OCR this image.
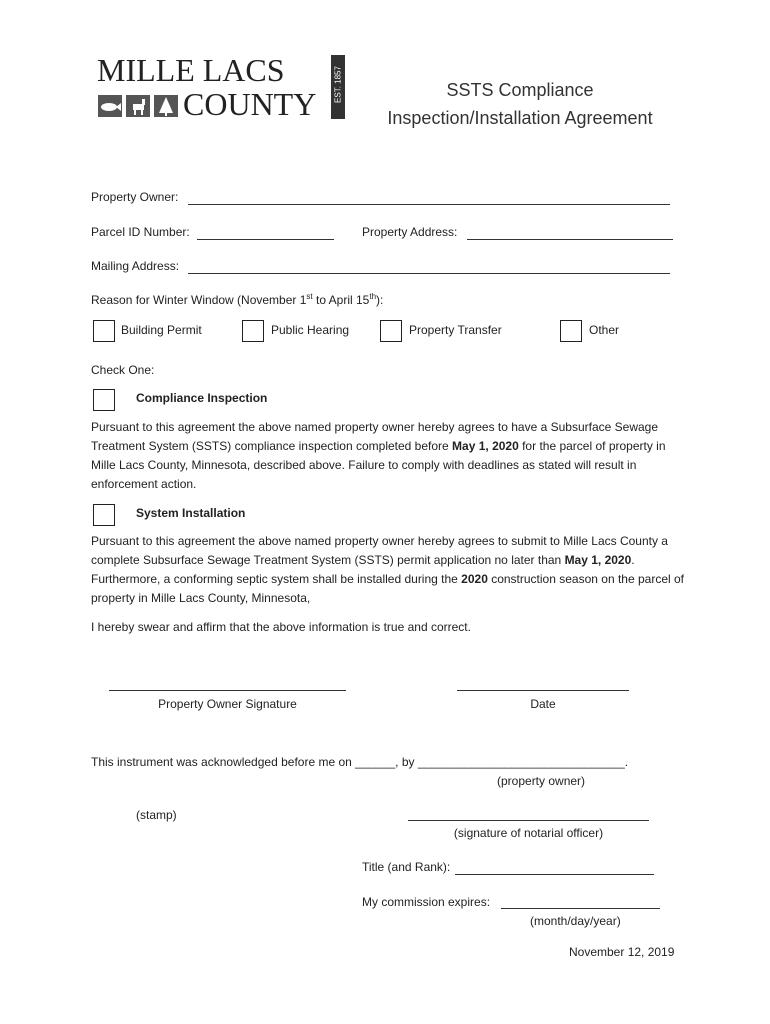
MILLE LACS
COUNTY
EST. 1857	SSTS Compliance
Inspection/Installation Agreement
Property Owner:
Parcel ID Number:	Property Address:
Mailing Address:
Reason for Winter Window (November 1st to April 15th):
Building Permit	Public Hearing	Property Transfer	Other
Check One:
Compliance Inspection
Pursuant to this agreement the above named property owner hereby agrees to have a Subsurface Sewage Treatment System (SSTS) compliance inspection completed before May 1, 2020 for the parcel of property in Mille Lacs County, Minnesota, described above. Failure to comply with deadlines as stated will result in enforcement action.
System Installation
Pursuant to this agreement the above named property owner hereby agrees to submit to Mille Lacs County a complete Subsurface Sewage Treatment System (SSTS) permit application no later than May 1, 2020. Furthermore, a conforming septic system shall be installed during the 2020 construction season on the parcel of property in Mille Lacs County, Minnesota,
I hereby swear and affirm that the above information is true and correct.
Property Owner Signature	Date
This instrument was acknowledged before me on ______, by _______________________________.
(property owner)
(stamp)
(signature of notarial officer)
Title (and Rank):
My commission expires:
(month/day/year)
November 12, 2019
